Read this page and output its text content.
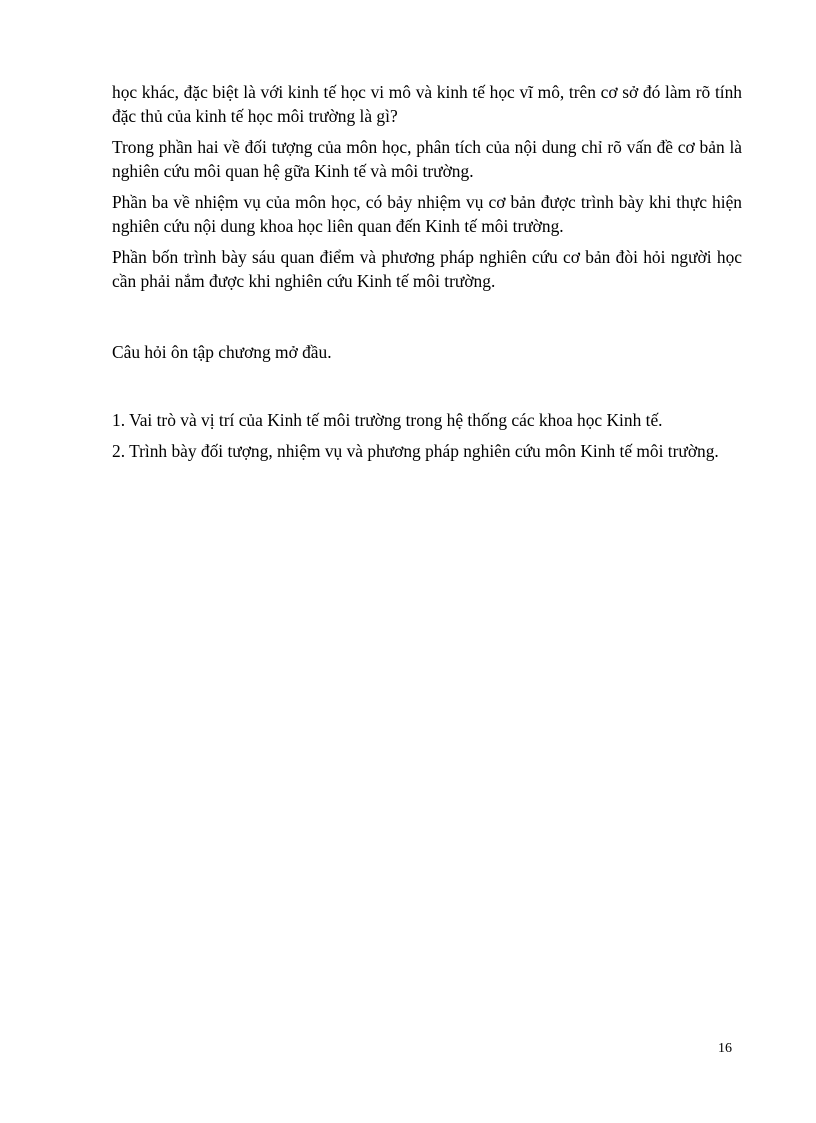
học khác, đặc biệt là với kinh tế học vi mô và kinh tế học vĩ mô, trên cơ sở đó làm rõ tính đặc thủ của kinh tế học môi trường là gì?

Trong phần hai về đối tượng của môn học, phân tích của nội dung chỉ rõ vấn đề cơ bản là nghiên cứu môi quan hệ gữa Kinh tế và môi trường.

Phần ba về nhiệm vụ của môn học, có bảy nhiệm vụ cơ bản được trình bày khi thực hiện nghiên cứu nội dung khoa học liên quan đến Kinh tế môi trường.

Phần bốn trình bày sáu quan điểm và phương pháp nghiên cứu cơ bản đòi hỏi người học cần phải nắm được khi nghiên cứu Kinh tế môi trường.

Câu hỏi ôn tập chương mở đầu.

1. Vai trò và vị trí của Kinh tế môi trường trong hệ thống các khoa học Kinh tế.

2. Trình bày đối tượng, nhiệm vụ và phương pháp nghiên cứu môn Kinh tế môi trường.

16
